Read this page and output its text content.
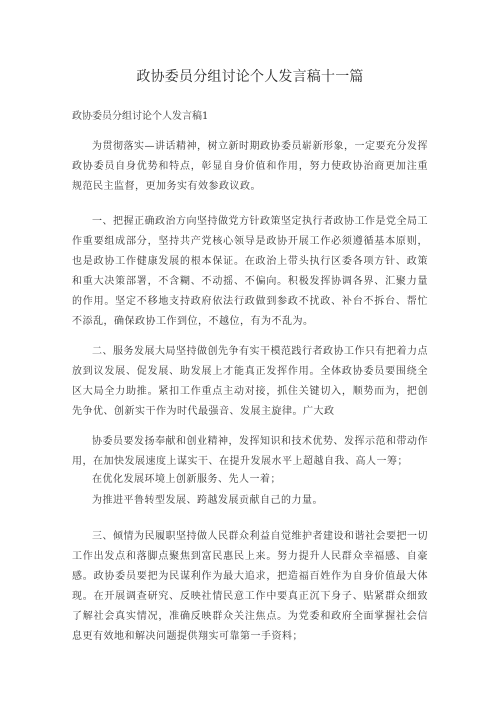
政协委员分组讨论个人发言稿十一篇
政协委员分组讨论个人发言稿1

为贯彻落实—讲话精神，树立新时期政协委员崭新形象，一定要充分发挥政协委员自身优势和特点，彰显自身价值和作用，努力使政协治商更加注重规范民主监督，更加务实有效参政议政。

一、把握正确政治方向坚持做党方针政策坚定执行者政协工作是党全局工作重要组成部分，坚持共产党核心领导是政协开展工作必须遵循基本原则，也是政协工作健康发展的根本保证。在政治上带头执行区委各项方针、政策和重大决策部署，不含糊、不动摇、不偏向。积极发挥协调各界、汇聚力量的作用。坚定不移地支持政府依法行政做到参政不扰政、补台不拆台、帮忙不添乱，确保政协工作到位，不越位，有为不乱为。

二、服务发展大局坚持做创先争有实干模范践行者政协工作只有把着力点放到议发展、促发展、助发展上才能真正发挥作用。全体政协委员要围绕全区大局全力助推。紧扣工作重点主动对接，抓住关键切入，顺势而为，把创先争优、创新实干作为时代最强音、发展主旋律。广大政

协委员要发扬奉献和创业精神，发挥知识和技术优势、发挥示范和带动作用，在加快发展速度上谋实干、在提升发展水平上超越自我、高人一筹；

在优化发展环境上创新服务、先人一着；

为推进平鲁转型发展、跨越发展贡献自己的力量。

三、倾情为民履职坚持做人民群众利益自觉维护者建设和谐社会要把一切工作出发点和落脚点聚焦到富民惠民上来。努力提升人民群众幸福感、自豪感。政协委员要把为民谋利作为最大追求，把造福百姓作为自身价值最大体现。在开展调查研究、反映社情民意工作中要真正沉下身子、贴紧群众细致了解社会真实情况，准确反映群众关注焦点。为党委和政府全面掌握社会信息更有效地和解决问题提供翔实可靠第一手资料；
